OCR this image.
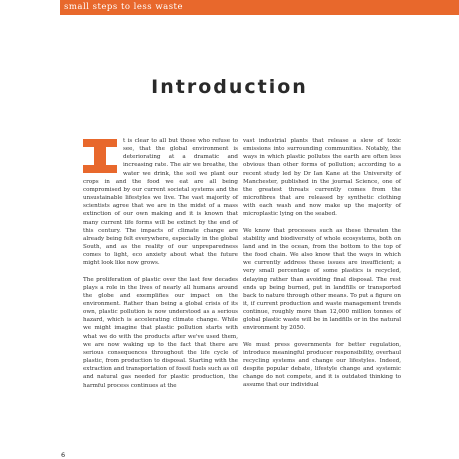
small steps to less waste
Introduction

t is clear to all but those who refuse to see, that the global environment is deteriorating at a dramatic and increasing rate. The air we breathe, the water we drink, the soil we plant our crops in and the food we eat are all being compromised by our current societal systems and the unsustainable lifestyles we live. The vast majority of scientists agree that we are in the midst of a mass extinction of our own making and it is known that many current life forms will be extinct by the end of this century. The impacts of climate change are already being felt everywhere, especially in the global South, and as the reality of our unpreparedness comes to light, eco anxiety about what the future might look like now grows.

The proliferation of plastic over the last few decades plays a role in the lives of nearly all humans around the globe and exemplifies our impact on the environment. Rather than being a global crisis of its own, plastic pollution is now understood as a serious hazard, which is accelerating climate change. While we might imagine that plastic pollution starts with what we do with the products after we've used them, we are now waking up to the fact that there are serious consequences throughout the life cycle of plastic, from production to disposal. Starting with the extraction and transportation of fossil fuels such as oil and natural gas needed for plastic production, the harmful process continues at the

vast industrial plants that release a slew of toxic emissions into surrounding communities. Notably, the ways in which plastic pollutes the earth are often less obvious than other forms of pollution; according to a recent study led by Dr Ian Kane at the University of Manchester, published in the journal Science, one of the greatest threats currently comes from the microfibres that are released by synthetic clothing with each wash and now make up the majority of microplastic lying on the seabed.

We know that processes such as these threaten the stability and biodiversity of whole ecosystems, both on land and in the ocean, from the bottom to the top of the food chain. We also know that the ways in which we currently address these issues are insufficient; a very small percentage of some plastics is recycled, delaying rather than avoiding final disposal. The rest ends up being burned, put in landfills or transported back to nature through other means. To put a figure on it, if current production and waste management trends continue, roughly more than 12,000 million tonnes of global plastic waste will be in landfills or in the natural environment by 2050.

We must press governments for better regulation, introduce meaningful producer responsibility, overhaul recycling systems and change our lifestyles. Indeed, despite popular debate, lifestyle change and systemic change do not compete, and it is outdated thinking to assume that our individual

6
